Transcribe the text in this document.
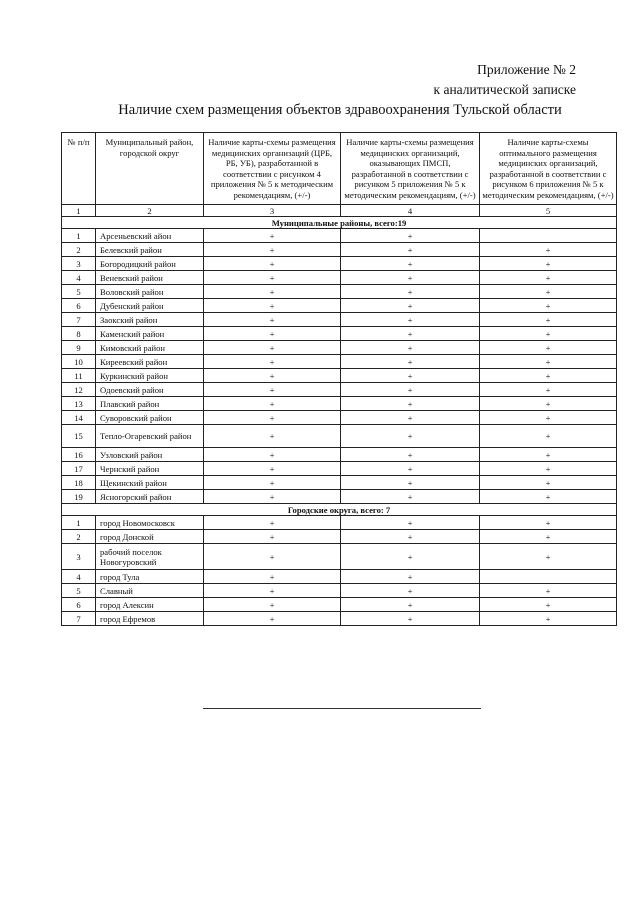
Приложение № 2
к аналитической записке
Наличие схем размещения объектов здравоохранения Тульской области
№ п/п	Муниципальный район, городской округ	Наличие карты-схемы размещения медицинских организаций (ЦРБ, РБ, УБ), разработанной в соответствии с рисунком 4 приложения № 5 к методическим рекомендациям, (+/-)	Наличие карты-схемы размещения медицинских организаций, оказывающих ПМСП, разработанной в соответствии с рисунком 5 приложения № 5 к методическим рекомендациям, (+/-)	Наличие карты-схемы оптимального размещения медицинских организаций, разработанной в соответствии с рисунком 6 приложения № 5 к методическим рекомендациям, (+/-)
1	2	3	4	5
Муниципальные районы, всего:19				
1	Арсеньевский айон	+	+	
2	Белевский район	+	+	+
3	Богородицкий район	+	+	+
4	Веневский район	+	+	+
5	Воловский район	+	+	+
6	Дубенский район	+	+	+
7	Заокский район	+	+	+
8	Каменский район	+	+	+
9	Кимовский район	+	+	+
10	Киреевский район	+	+	+
11	Куркинский район	+	+	+
12	Одоевский район	+	+	+
13	Плавский район	+	+	+
14	Суворовский район	+	+	+
15	Тепло-Огаревский район	+	+	+
16	Узловский район	+	+	+
17	Чернский район	+	+	+
18	Щекинский район	+	+	+
19	Ясногорский район	+	+	+
Городские округа, всего: 7				
1	город Новомосковск	+	+	+
2	город Донской	+	+	+
3	рабочий поселок Новогуровский	+	+	+
4	город Тула	+	+	
5	Славный	+	+	+
6	город Алексин	+	+	+
7	город Ефремов	+	+	+
